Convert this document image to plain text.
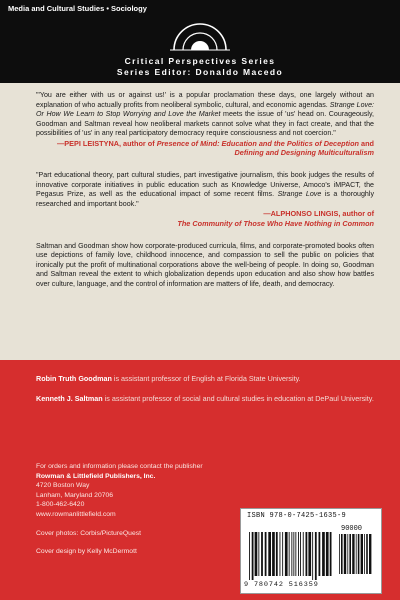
Media and Cultural Studies • Sociology
Critical Perspectives Series
Series Editor: Donaldo Macedo

"'You are either with us or against us!' is a popular proclamation these days, one largely without an explanation of who actually profits from neoliberal symbolic, cultural, and economic agendas. Strange Love: Or How We Learn to Stop Worrying and Love the Market meets the issue of 'us' head on. Courageously, Goodman and Saltman reveal how neoliberal markets cannot solve what they in fact create, and that the possibilities of 'us' in any real participatory democracy require consciousness and not coercion."

—PEPI LEISTYNA, author of Presence of Mind: Education and the Politics of Deception and Defining and Designing Multiculturalism

"Part educational theory, part cultural studies, part investigative journalism, this book judges the results of innovative corporate initiatives in public education such as Knowledge Universe, Amoco's iMPACT, the Pegasus Prize, as well as the educational impact of some recent films. Strange Love is a thoroughly researched and important book."

—ALPHONSO LINGIS, author of
The Community of Those Who Have Nothing in Common

Saltman and Goodman show how corporate-produced curricula, films, and corporate-promoted books often use depictions of family love, childhood innocence, and compassion to sell the public on policies that ironically put the profit of multinational corporations above the well-being of people. In doing so, Goodman and Saltman reveal the extent to which globalization depends upon education and also show how battles over culture, language, and the control of information are matters of life, death, and democracy.

Robin Truth Goodman is assistant professor of English at Florida State University.

Kenneth J. Saltman is assistant professor of social and cultural studies in education at DePaul University.

For orders and information please contact the publisher
Rowman & Littlefield Publishers, Inc.
4720 Boston Way
Lanham, Maryland 20706
1-800-462-6420
www.rowmanlittlefield.com
Cover photos: Corbis/PictureQuest
Cover design by Kelly McDermott
ISBN 978-0-7425-1635-9
90000
9 780742 516359
